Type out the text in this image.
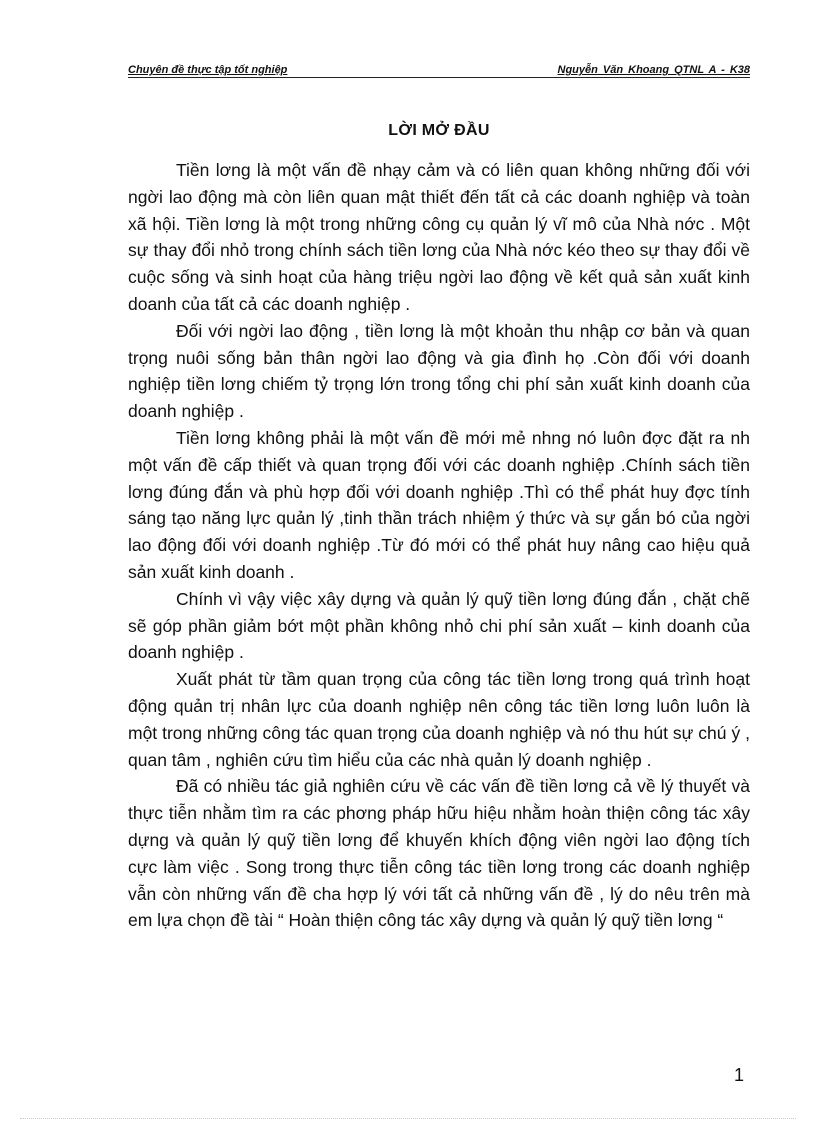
Chuyên đề thực tập tốt nghiệp	Nguyễn Văn Khoang QTNL A - K38
LỜI MỞ ĐẦU

Tiền lơng là một vấn đề nhạy cảm và có liên quan không những đối với ngời lao động mà còn liên quan mật thiết đến tất cả các doanh nghiệp và toàn xã hội. Tiền lơng là một trong những công cụ quản lý vĩ mô của Nhà nớc . Một sự thay đổi nhỏ trong chính sách tiền lơng của Nhà nớc kéo theo sự thay đổi về cuộc sống và sinh hoạt của hàng triệu ngời lao động về kết quả sản xuất kinh doanh của tất cả các doanh nghiệp .

Đối với ngời lao động , tiền lơng là một khoản thu nhập cơ bản và quan trọng nuôi sống bản thân ngời lao động và gia đình họ .Còn đối với doanh nghiệp tiền lơng chiếm tỷ trọng lớn trong tổng chi phí sản xuất kinh doanh của doanh nghiệp .

Tiền lơng không phải là một vấn đề mới mẻ nhng nó luôn đợc đặt ra nh một vấn đề cấp thiết và quan trọng đối với các doanh nghiệp .Chính sách tiền lơng đúng đắn và phù hợp đối với doanh nghiệp .Thì có thể phát huy đợc tính sáng tạo năng lực quản lý ,tinh thần trách nhiệm ý thức và sự gắn bó của ngời lao động đối với doanh nghiệp .Từ đó mới có thể phát huy nâng cao hiệu quả sản xuất kinh doanh .

Chính vì vậy việc xây dựng và quản lý quỹ tiền lơng đúng đắn , chặt chẽ sẽ góp phần giảm bớt một phần không nhỏ chi phí sản xuất – kinh doanh của doanh nghiệp .

Xuất phát từ tầm quan trọng của công tác tiền lơng trong quá trình hoạt động quản trị nhân lực của doanh nghiệp nên công tác tiền lơng luôn luôn là một trong những công tác quan trọng của doanh nghiệp và nó thu hút sự chú ý , quan tâm , nghiên cứu tìm hiểu của các nhà quản lý doanh nghiệp .

Đã có nhiều tác giả nghiên cứu về các vấn đề tiền lơng cả về lý thuyết và thực tiễn nhằm tìm ra các phơng pháp hữu hiệu nhằm hoàn thiện công tác xây dựng và quản lý quỹ tiền lơng để khuyến khích động viên ngời lao động tích cực làm việc . Song trong thực tiễn công tác tiền lơng trong các doanh nghiệp vẫn còn những vấn đề cha hợp lý với tất cả những vấn đề , lý do nêu trên mà em lựa chọn đề tài “ Hoàn thiện công tác xây dựng và quản lý quỹ tiền lơng “

1
